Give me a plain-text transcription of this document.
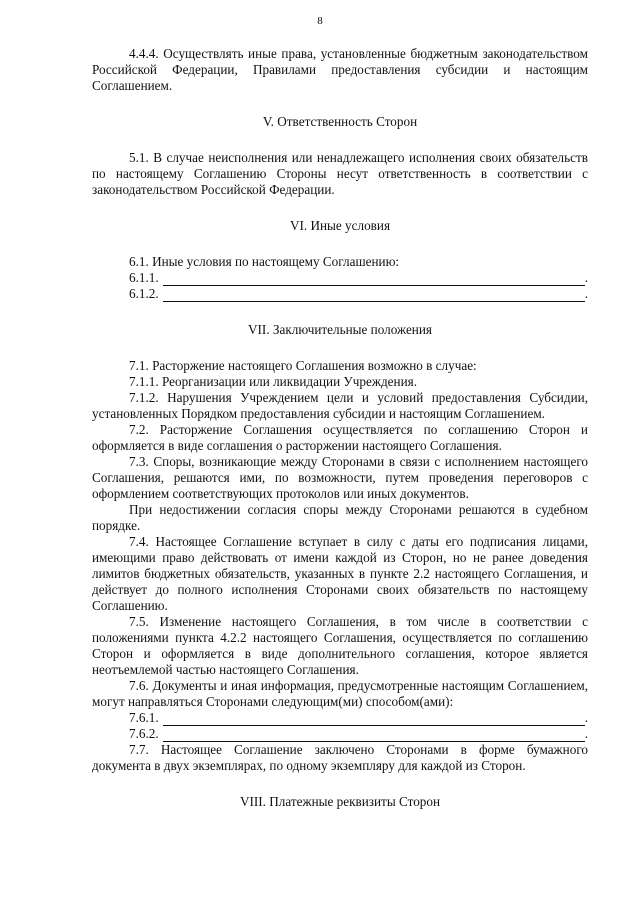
8

4.4.4. Осуществлять иные права, установленные бюджетным законодательством Российской Федерации, Правилами предоставления субсидии и настоящим Соглашением.

V. Ответственность Сторон

5.1. В случае неисполнения или ненадлежащего исполнения своих обязательств по настоящему Соглашению Стороны несут ответственность в соответствии с законодательством Российской Федерации.

VI. Иные условия

6.1. Иные условия по настоящему Соглашению:

6.1.1.	.
6.1.2.	.

VII. Заключительные положения

7.1. Расторжение настоящего Соглашения возможно в случае:

7.1.1. Реорганизации или ликвидации Учреждения.

7.1.2. Нарушения Учреждением цели и условий предоставления Субсидии, установленных Порядком предоставления субсидии и настоящим Соглашением.

7.2. Расторжение Соглашения осуществляется по соглашению Сторон и оформляется в виде соглашения о расторжении настоящего Соглашения.

7.3. Споры, возникающие между Сторонами в связи с исполнением настоящего Соглашения, решаются ими, по возможности, путем проведения переговоров с оформлением соответствующих протоколов или иных документов.

При недостижении согласия споры между Сторонами решаются в судебном порядке.

7.4. Настоящее Соглашение вступает в силу с даты его подписания лицами, имеющими право действовать от имени каждой из Сторон, но не ранее доведения лимитов бюджетных обязательств, указанных в пункте 2.2 настоящего Соглашения, и действует до полного исполнения Сторонами своих обязательств по настоящему Соглашению.

7.5. Изменение настоящего Соглашения, в том числе в соответствии с положениями пункта 4.2.2 настоящего Соглашения, осуществляется по соглашению Сторон и оформляется в виде дополнительного соглашения, которое является неотъемлемой частью настоящего Соглашения.

7.6. Документы и иная информация, предусмотренные настоящим Соглашением, могут направляться Сторонами следующим(ми) способом(ами):

7.6.1.	.
7.6.2.	.

7.7. Настоящее Соглашение заключено Сторонами в форме бумажного документа в двух экземплярах, по одному экземпляру для каждой из Сторон.

VIII. Платежные реквизиты Сторон
